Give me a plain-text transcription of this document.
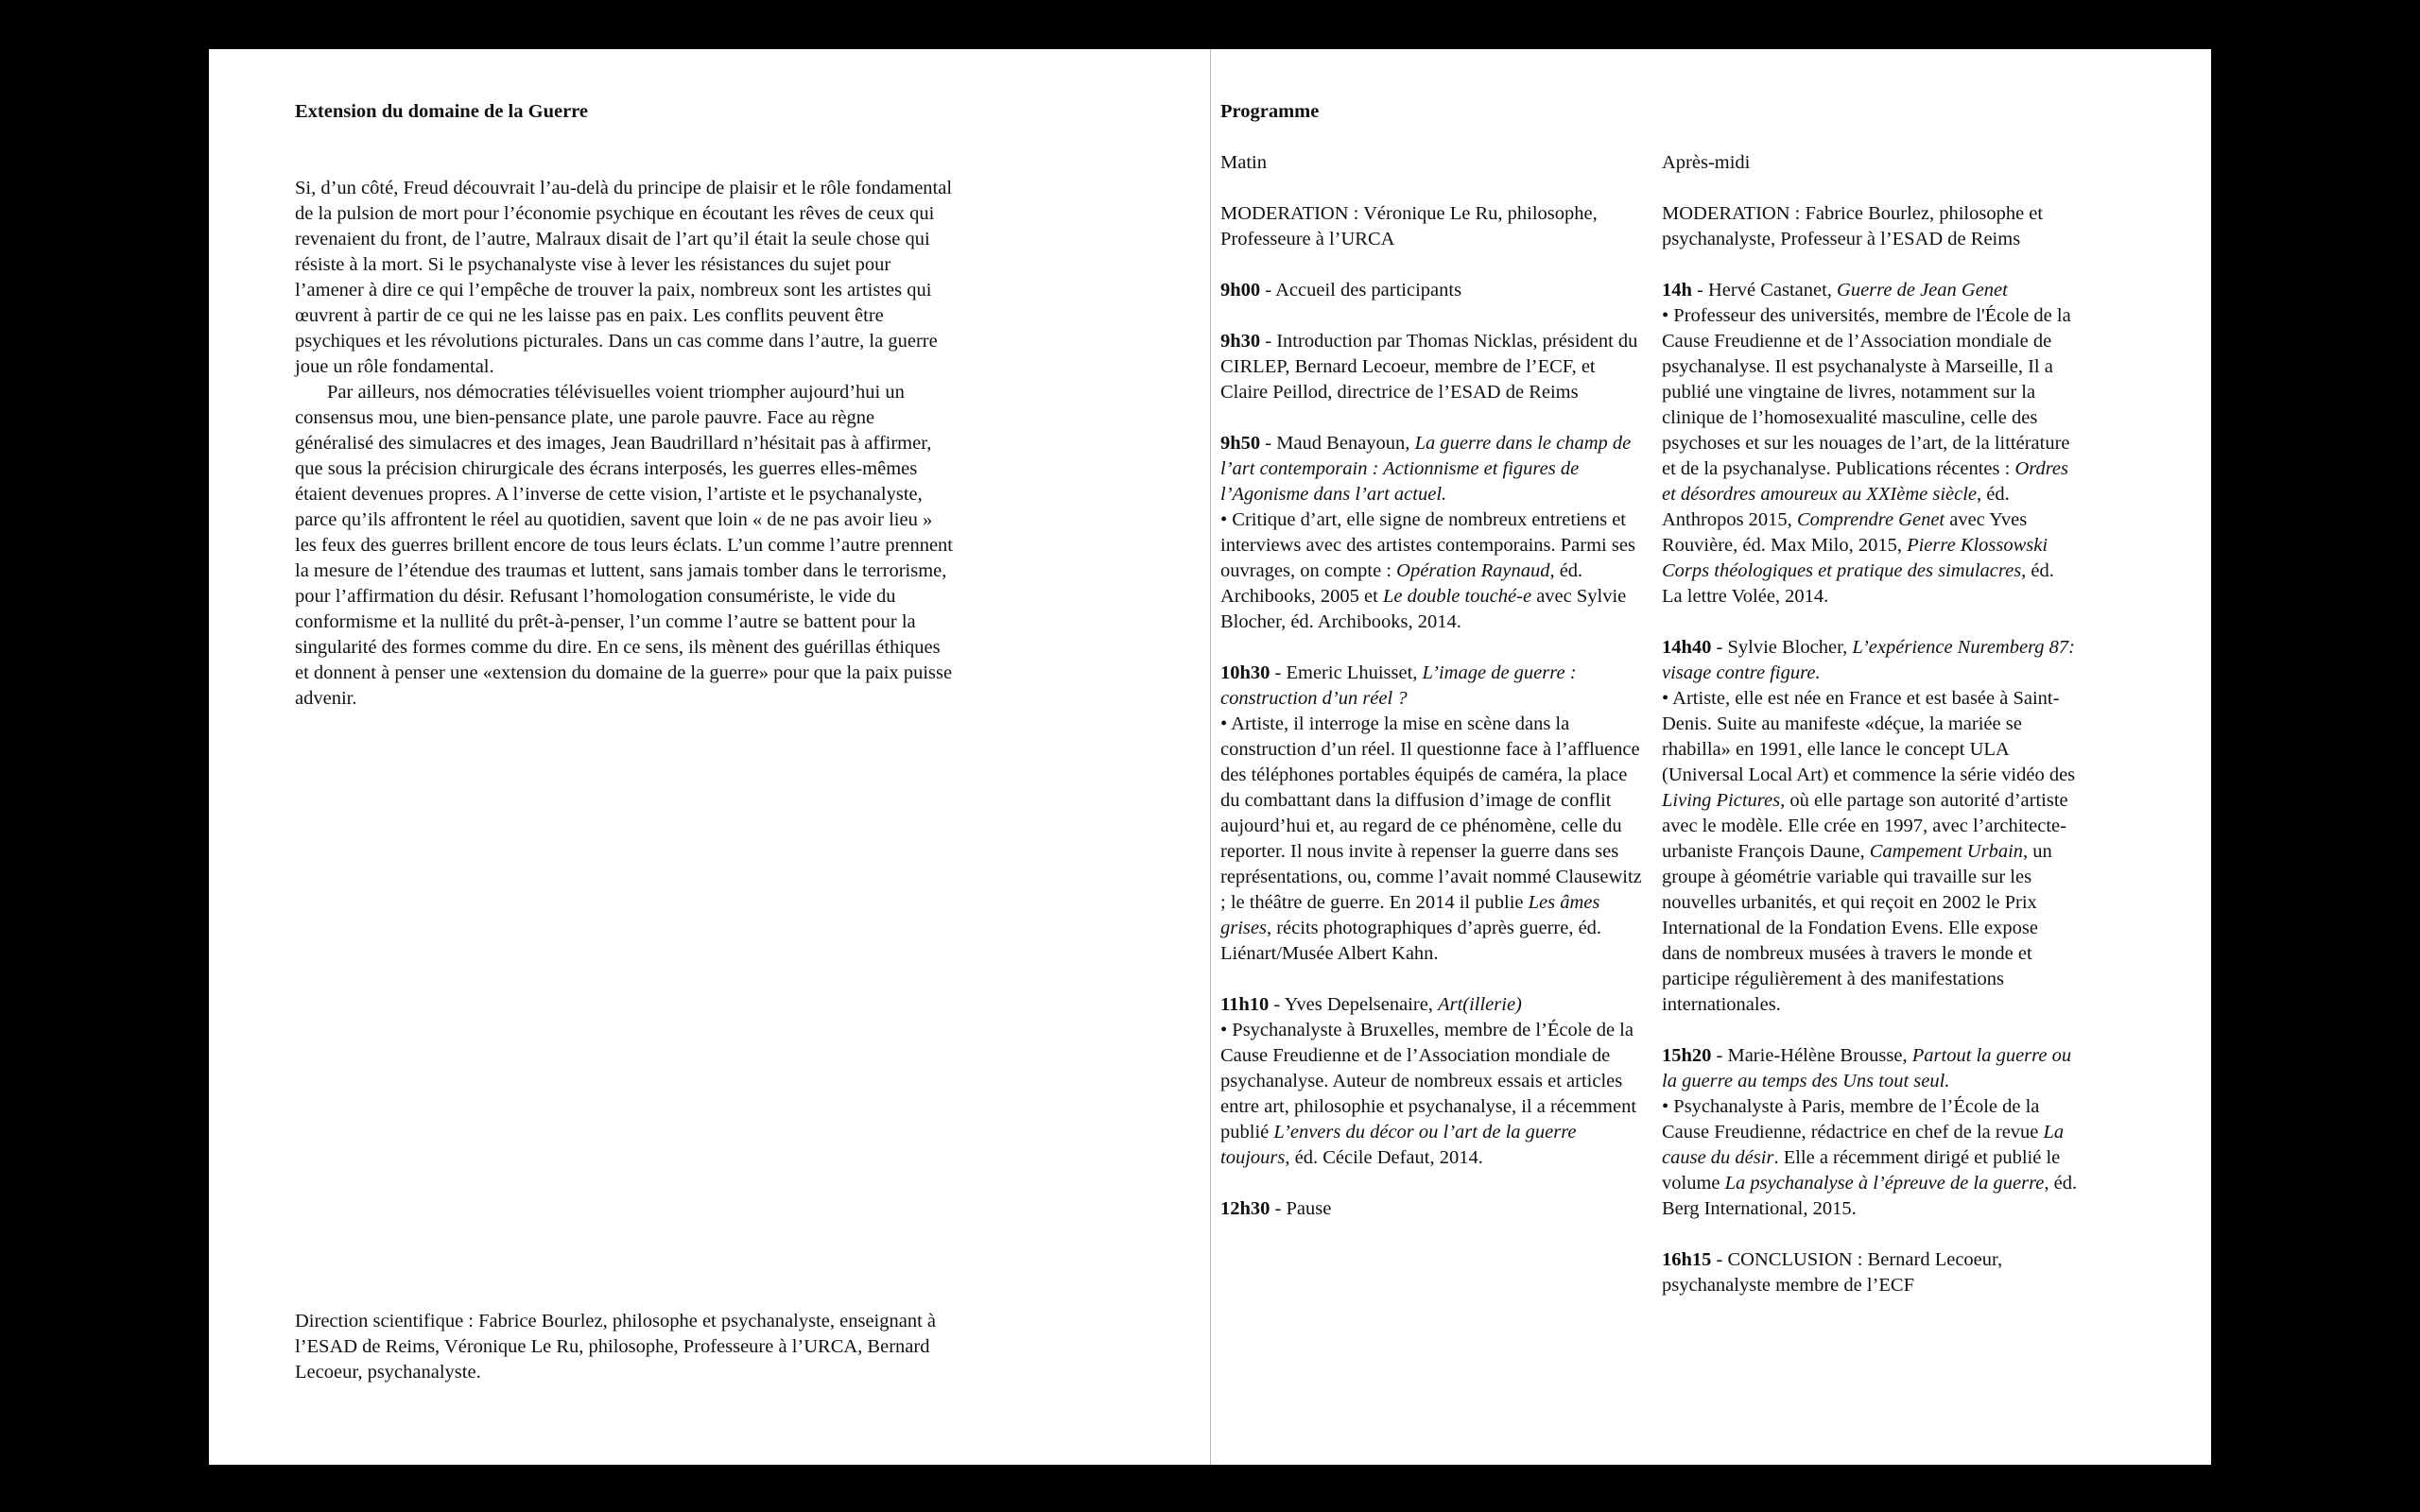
Extension du domaine de la Guerre

Si, d’un côté, Freud découvrait l’au-delà du principe de plaisir et le rôle fondamental de la pulsion de mort pour l’économie psychique en écoutant les rêves de ceux qui revenaient du front, de l’autre, Malraux disait de l’art qu’il était la seule chose qui résiste à la mort. Si le psychanalyste vise à lever les résistances du sujet pour l’amener à dire ce qui l’empêche de trouver la paix, nombreux sont les artistes qui œuvrent à partir de ce qui ne les laisse pas en paix. Les conflits peuvent être psychiques et les révolutions picturales. Dans un cas comme dans l’autre, la guerre joue un rôle fondamental.

Par ailleurs, nos démocraties télévisuelles voient triompher aujourd’hui un consensus mou, une bien-pensance plate, une parole pauvre. Face au règne généralisé des simulacres et des images, Jean Baudrillard n’hésitait pas à affirmer, que sous la précision chirurgicale des écrans interposés, les guerres elles-mêmes étaient devenues propres. A l’inverse de cette vision, l’artiste et le psychanalyste, parce qu’ils affrontent le réel au quotidien, savent que loin « de ne pas avoir lieu » les feux des guerres brillent encore de tous leurs éclats. L’un comme l’autre prennent la mesure de l’étendue des traumas et luttent, sans jamais tomber dans le terrorisme, pour l’affirmation du désir. Refusant l’homologation consumériste, le vide du conformisme et la nullité du prêt-à-penser, l’un comme l’autre se battent pour la singularité des formes comme du dire. En ce sens, ils mènent des guérillas éthiques et donnent à penser une «extension du domaine de la guerre» pour que la paix puisse advenir.

Direction scientifique : Fabrice Bourlez, philosophe et psychanalyste, enseignant à l’ESAD de Reims, Véronique Le Ru, philosophe, Professeure à l’URCA, Bernard Lecoeur, psychanalyste.

Programme
Matin
MODERATION : Véronique Le Ru, philosophe, Professeure à l’URCA
9h00 - Accueil des participants
9h30 - Introduction par Thomas Nicklas, président du CIRLEP, Bernard Lecoeur, membre de l’ECF, et Claire Peillod, directrice de l’ESAD de Reims
9h50 - Maud Benayoun, La guerre dans le champ de l’art contemporain : Actionnisme et figures de l’Agonisme dans l’art actuel.
• Critique d’art, elle signe de nombreux entretiens et interviews avec des artistes contemporains. Parmi ses ouvrages, on compte : Opération Raynaud, éd. Archibooks, 2005 et Le double touché-e avec Sylvie Blocher, éd. Archibooks, 2014.
10h30 - Emeric Lhuisset, L’image de guerre : construction d’un réel ?
• Artiste, il interroge la mise en scène dans la construction d’un réel. Il questionne face à l’affluence des téléphones portables équipés de caméra, la place du combattant dans la diffusion d’image de conflit aujourd’hui et, au regard de ce phénomène, celle du reporter. Il nous invite à repenser la guerre dans ses représentations, ou, comme l’avait nommé Clausewitz ; le théâtre de guerre. En 2014 il publie Les âmes grises, récits photographiques d’après guerre, éd. Liénart/Musée Albert Kahn.
11h10 - Yves Depelsenaire, Art(illerie)
• Psychanalyste à Bruxelles, membre de l’École de la Cause Freudienne et de l’Association mondiale de psychanalyse. Auteur de nombreux essais et articles entre art, philosophie et psychanalyse, il a récemment publié L’envers du décor ou l’art de la guerre toujours, éd. Cécile Defaut, 2014.
12h30 - Pause
Après-midi
MODERATION : Fabrice Bourlez, philosophe et psychanalyste, Professeur à l’ESAD de Reims
14h - Hervé Castanet, Guerre de Jean Genet
• Professeur des universités, membre de l'École de la Cause Freudienne et de l’Association mondiale de psychanalyse. Il est psychanalyste à Marseille, Il a publié une vingtaine de livres, notamment sur la clinique de l’homosexualité masculine, celle des psychoses et sur les nouages de l’art, de la littérature et de la psychanalyse. Publications récentes : Ordres et désordres amoureux au XXIème siècle, éd. Anthropos 2015, Comprendre Genet avec Yves Rouvière, éd. Max Milo, 2015, Pierre Klossowski Corps théologiques et pratique des simulacres, éd. La lettre Volée, 2014.
14h40 - Sylvie Blocher, L’expérience Nuremberg 87: visage contre figure.
• Artiste, elle est née en France et est basée à Saint-Denis. Suite au manifeste «déçue, la mariée se rhabilla» en 1991, elle lance le concept ULA (Universal Local Art) et commence la série vidéo des Living Pictures, où elle partage son autorité d’artiste avec le modèle. Elle crée en 1997, avec l’architecte-urbaniste François Daune, Campement Urbain, un groupe à géométrie variable qui travaille sur les nouvelles urbanités, et qui reçoit en 2002 le Prix International de la Fondation Evens. Elle expose dans de nombreux musées à travers le monde et participe régulièrement à des manifestations internationales.
15h20 - Marie-Hélène Brousse, Partout la guerre ou la guerre au temps des Uns tout seul.
• Psychanalyste à Paris, membre de l’École de la Cause Freudienne, rédactrice en chef de la revue La cause du désir. Elle a récemment dirigé et publié le volume La psychanalyse à l’épreuve de la guerre, éd. Berg International, 2015.
16h15 - CONCLUSION : Bernard Lecoeur, psychanalyste membre de l’ECF
